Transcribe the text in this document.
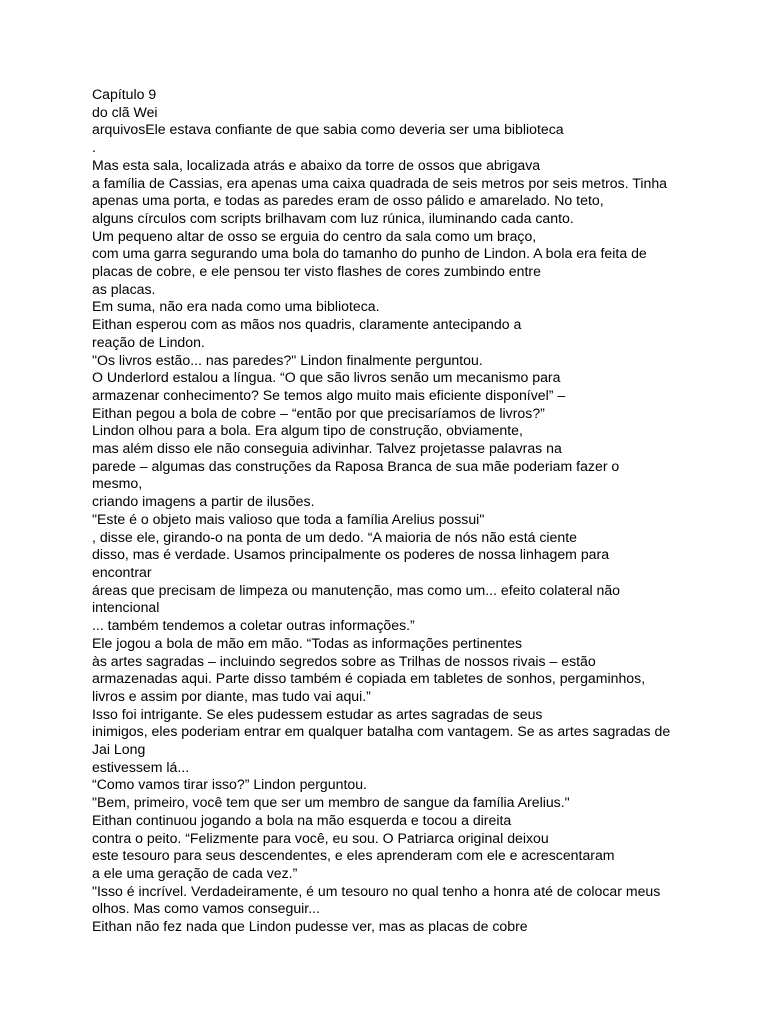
Capítulo 9
do clã Wei
arquivosEle estava confiante de que sabia como deveria ser uma biblioteca
.
Mas esta sala, localizada atrás e abaixo da torre de ossos que abrigava
a família de Cassias, era apenas uma caixa quadrada de seis metros por seis metros. Tinha
apenas uma porta, e todas as paredes eram de osso pálido e amarelado. No teto,
alguns círculos com scripts brilhavam com luz rúnica, iluminando cada canto.
Um pequeno altar de osso se erguia do centro da sala como um braço,
com uma garra segurando uma bola do tamanho do punho de Lindon. A bola era feita de
placas de cobre, e ele pensou ter visto flashes de cores zumbindo entre
as placas.
Em suma, não era nada como uma biblioteca.
Eithan esperou com as mãos nos quadris, claramente antecipando a
reação de Lindon.
"Os livros estão... nas paredes?" Lindon finalmente perguntou.
O Underlord estalou a língua. “O que são livros senão um mecanismo para
armazenar conhecimento? Se temos algo muito mais eficiente disponível” –
Eithan pegou a bola de cobre – “então por que precisaríamos de livros?”
Lindon olhou para a bola. Era algum tipo de construção, obviamente,
mas além disso ele não conseguia adivinhar. Talvez projetasse palavras na
parede – algumas das construções da Raposa Branca de sua mãe poderiam fazer o
mesmo,
criando imagens a partir de ilusões.
"Este é o objeto mais valioso que toda a família Arelius possui"
, disse ele, girando-o na ponta de um dedo. “A maioria de nós não está ciente
disso, mas é verdade. Usamos principalmente os poderes de nossa linhagem para
encontrar
áreas que precisam de limpeza ou manutenção, mas como um... efeito colateral não
intencional
... também tendemos a coletar outras informações.”
Ele jogou a bola de mão em mão. “Todas as informações pertinentes
às artes sagradas – incluindo segredos sobre as Trilhas de nossos rivais – estão
armazenadas aqui. Parte disso também é copiada em tabletes de sonhos, pergaminhos,
livros e assim por diante, mas tudo vai aqui.”
Isso foi intrigante. Se eles pudessem estudar as artes sagradas de seus
inimigos, eles poderiam entrar em qualquer batalha com vantagem. Se as artes sagradas de
Jai Long
estivessem lá...
“Como vamos tirar isso?” Lindon perguntou.
"Bem, primeiro, você tem que ser um membro de sangue da família Arelius."
Eithan continuou jogando a bola na mão esquerda e tocou a direita
contra o peito. “Felizmente para você, eu sou. O Patriarca original deixou
este tesouro para seus descendentes, e eles aprenderam com ele e acrescentaram
a ele uma geração de cada vez.”
"Isso é incrível. Verdadeiramente, é um tesouro no qual tenho a honra até de colocar meus
olhos. Mas como vamos conseguir...
Eithan não fez nada que Lindon pudesse ver, mas as placas de cobre
